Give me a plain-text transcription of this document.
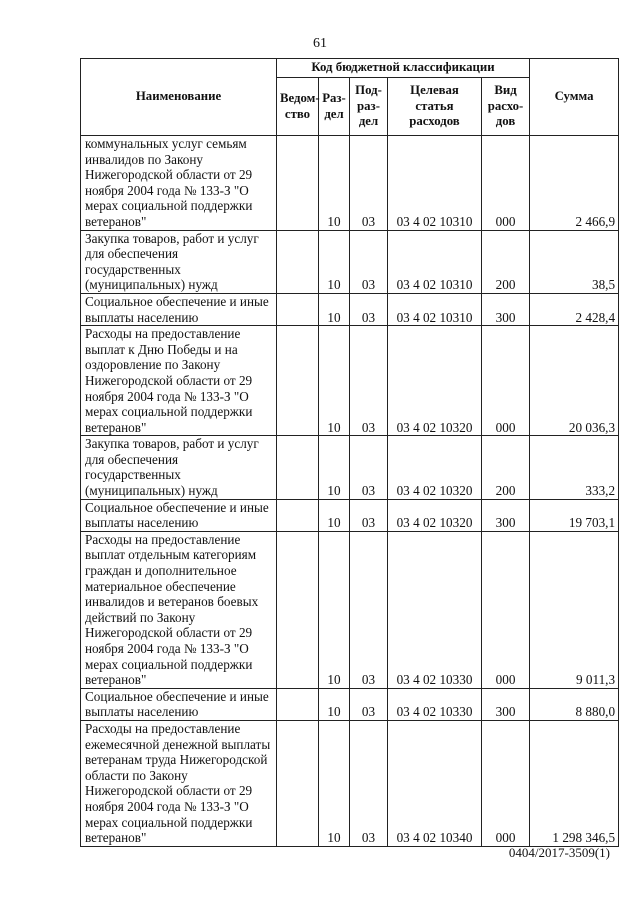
61
Наименование	Код бюджетной классификации					Сумма
	Ведом-ство	Раз-дел	Под-раз-дел	Целевая статья расходов	Вид расхо-дов	
коммунальных услуг семьям инвалидов по Закону Нижегородской области от 29 ноября 2004 года № 133-З "О мерах социальной поддержки ветеранов"		10	03	03 4 02 10310	000	2 466,9
Закупка товаров, работ и услуг для обеспечения государственных (муниципальных) нужд		10	03	03 4 02 10310	200	38,5
Социальное обеспечение и иные выплаты населению		10	03	03 4 02 10310	300	2 428,4
Расходы на предоставление выплат к Дню Победы и на оздоровление по Закону Нижегородской области от 29 ноября 2004 года № 133-З "О мерах социальной поддержки ветеранов"		10	03	03 4 02 10320	000	20 036,3
Закупка товаров, работ и услуг для обеспечения государственных (муниципальных) нужд		10	03	03 4 02 10320	200	333,2
Социальное обеспечение и иные выплаты населению		10	03	03 4 02 10320	300	19 703,1
Расходы на предоставление выплат отдельным категориям граждан и дополнительное материальное обеспечение инвалидов и ветеранов боевых действий по Закону Нижегородской области от 29 ноября 2004 года № 133-З "О мерах социальной поддержки ветеранов"		10	03	03 4 02 10330	000	9 011,3
Социальное обеспечение и иные выплаты населению		10	03	03 4 02 10330	300	8 880,0
Расходы на предоставление ежемесячной денежной выплаты ветеранам труда Нижегородской области по Закону Нижегородской области от 29 ноября 2004 года № 133-З "О мерах социальной поддержки ветеранов"		10	03	03 4 02 10340	000	1 298 346,5
0404/2017-3509(1)
